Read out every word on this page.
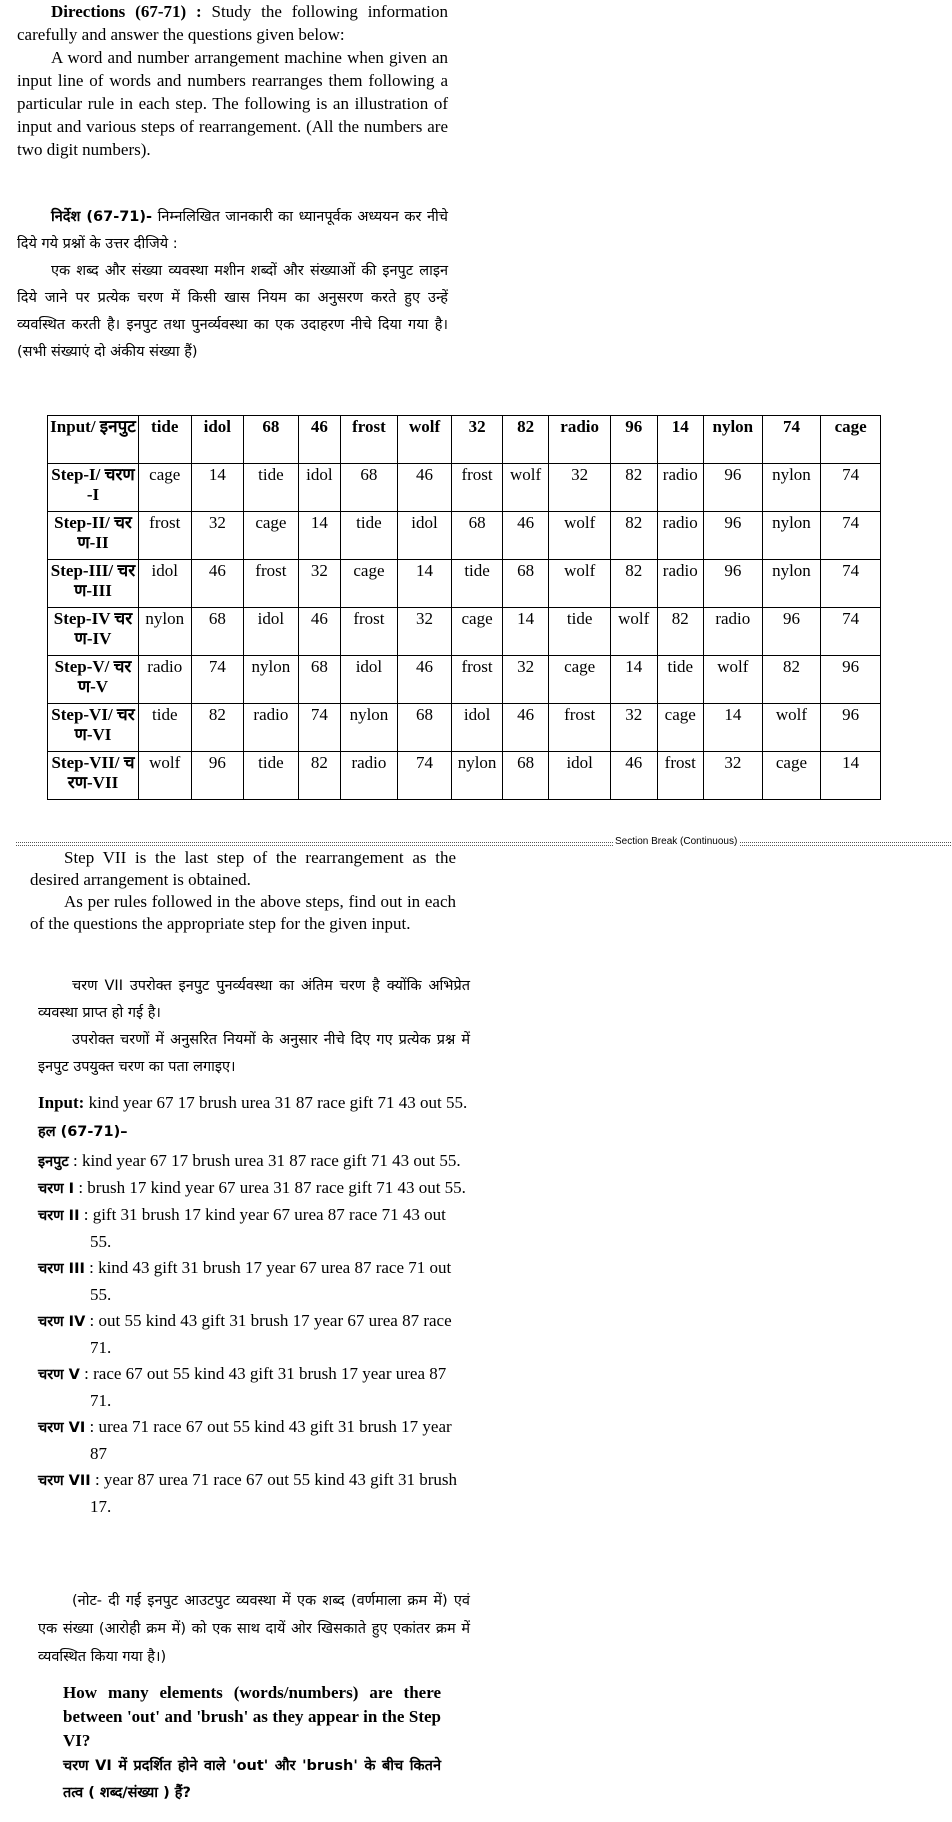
Directions (67-71) : Study the following information carefully and answer the questions given below:

A word and number arrangement machine when given an input line of words and numbers rearranges them following a particular rule in each step. The following is an illustration of input and various steps of rearrangement. (All the numbers are two digit numbers).

निर्देश (67-71)- निम्नलिखित जानकारी का ध्यानपूर्वक अध्ययन कर नीचे दिये गये प्रश्नों के उत्तर दीजिये :

एक शब्द और संख्या व्यवस्था मशीन शब्दों और संख्याओं की इनपुट लाइन दिये जाने पर प्रत्येक चरण में किसी खास नियम का अनुसरण करते हुए उन्हें व्यवस्थित करती है। इनपुट तथा पुनर्व्यवस्था का एक उदाहरण नीचे दिया गया है। (सभी संख्याएं दो अंकीय संख्या हैं)

Input/ इनपुट	tide	idol	68	46	frost	wolf	32	82	radio	96	14	nylon	74	cage
Step-I/ चरण-I	cage	14	tide	idol	68	46	frost	wolf	32	82	radio	96	nylon	74
Step-II/ चरण-II	frost	32	cage	14	tide	idol	68	46	wolf	82	radio	96	nylon	74
Step-III/ चरण-III	idol	46	frost	32	cage	14	tide	68	wolf	82	radio	96	nylon	74
Step-IV चरण-IV	nylon	68	idol	46	frost	32	cage	14	tide	wolf	82	radio	96	74
Step-V/ चरण-V	radio	74	nylon	68	idol	46	frost	32	cage	14	tide	wolf	82	96
Step-VI/ चरण-VI	tide	82	radio	74	nylon	68	idol	46	frost	32	cage	14	wolf	96
Step-VII/ चरण-VII	wolf	96	tide	82	radio	74	nylon	68	idol	46	frost	32	cage	14
Section Break (Continuous)

Step VII is the last step of the rearrangement as the desired arrangement is obtained.

As per rules followed in the above steps, find out in each of the questions the appropriate step for the given input.

चरण VII उपरोक्त इनपुट पुनर्व्यवस्था का अंतिम चरण है क्योंकि अभिप्रेत व्यवस्था प्राप्त हो गई है।

उपरोक्त चरणों में अनुसरित नियमों के अनुसार नीचे दिए गए प्रत्येक प्रश्न में इनपुट उपयुक्त चरण का पता लगाइए।

Input: kind year 67 17 brush urea 31 87 race gift 71 43 out 55.

हल (67-71)–

इनपुट : kind year 67 17 brush urea 31 87 race gift 71 43 out 55.

चरण I : brush 17 kind year 67 urea 31 87 race gift 71 43 out 55.

चरण II : gift 31 brush 17 kind year 67 urea 87 race 71 43 out 55.

चरण III : kind 43 gift 31 brush 17 year 67 urea 87 race 71 out 55.

चरण IV : out 55 kind 43 gift 31 brush 17 year 67 urea 87 race 71.

चरण V : race 67 out 55 kind 43 gift 31 brush 17 year urea 87 71.

चरण VI : urea 71 race 67 out 55 kind 43 gift 31 brush 17 year 87

चरण VII : year 87 urea 71 race 67 out 55 kind 43 gift 31 brush 17.

(नोट- दी गई इनपुट आउटपुट व्यवस्था में एक शब्द (वर्णमाला क्रम में) एवं एक संख्या (आरोही क्रम में) को एक साथ दायें ओर खिसकाते हुए एकांतर क्रम में व्यवस्थित किया गया है।)

How many elements (words/numbers) are there between 'out' and 'brush' as they appear in the Step VI?

चरण VI में प्रदर्शित होने वाले 'out' और 'brush' के बीच कितने तत्व ( शब्द/संख्या ) हैं?
